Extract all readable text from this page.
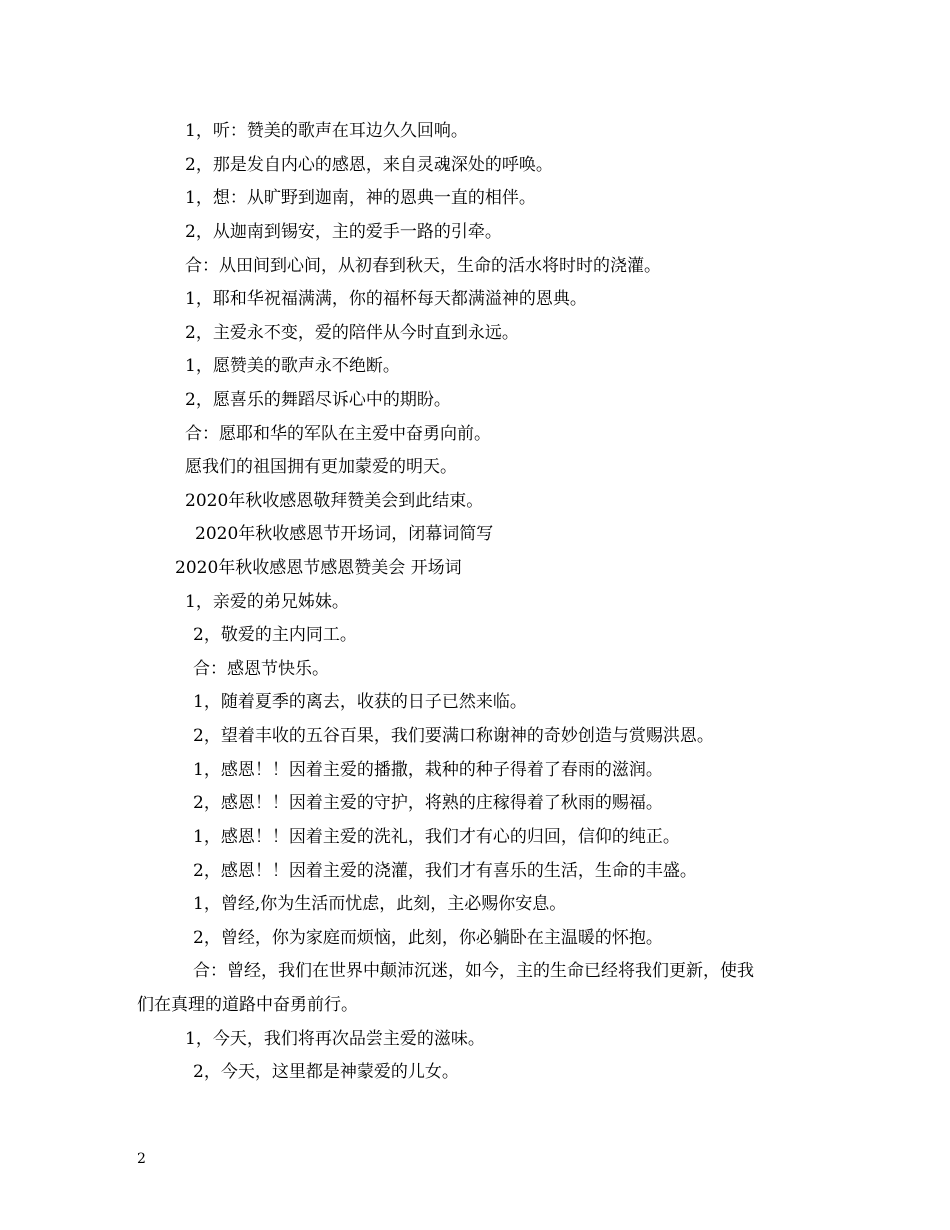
1，听：赞美的歌声在耳边久久回响。
2，那是发自内心的感恩，来自灵魂深处的呼唤。
1，想：从旷野到迦南，神的恩典一直的相伴。
2，从迦南到锡安，主的爱手一路的引牵。
合：从田间到心间，从初春到秋天，生命的活水将时时的浇灌。
1，耶和华祝福满满，你的福杯每天都满溢神的恩典。
2，主爱永不变，爱的陪伴从今时直到永远。
1，愿赞美的歌声永不绝断。
2，愿喜乐的舞蹈尽诉心中的期盼。
合：愿耶和华的军队在主爱中奋勇向前。
愿我们的祖国拥有更加蒙爱的明天。
2020年秋收感恩敬拜赞美会到此结束。
2020年秋收感恩节开场词，闭幕词简写
2020年秋收感恩节感恩赞美会 开场词
1，亲爱的弟兄姊妹。
2，敬爱的主内同工。
合：感恩节快乐。
1，随着夏季的离去，收获的日子已然来临。
2，望着丰收的五谷百果，我们要满口称谢神的奇妙创造与赏赐洪恩。
1，感恩！！因着主爱的播撒，栽种的种子得着了春雨的滋润。
2，感恩！！因着主爱的守护，将熟的庄稼得着了秋雨的赐福。
1，感恩！！因着主爱的洗礼，我们才有心的归回，信仰的纯正。
2，感恩！！因着主爱的浇灌，我们才有喜乐的生活，生命的丰盛。
1，曾经,你为生活而忧虑，此刻，主必赐你安息。
2，曾经，你为家庭而烦恼，此刻，你必躺卧在主温暖的怀抱。
合：曾经，我们在世界中颠沛沉迷，如今，主的生命已经将我们更新，使我
们在真理的道路中奋勇前行。
1，今天，我们将再次品尝主爱的滋味。
2，今天，这里都是神蒙爱的儿女。
2
